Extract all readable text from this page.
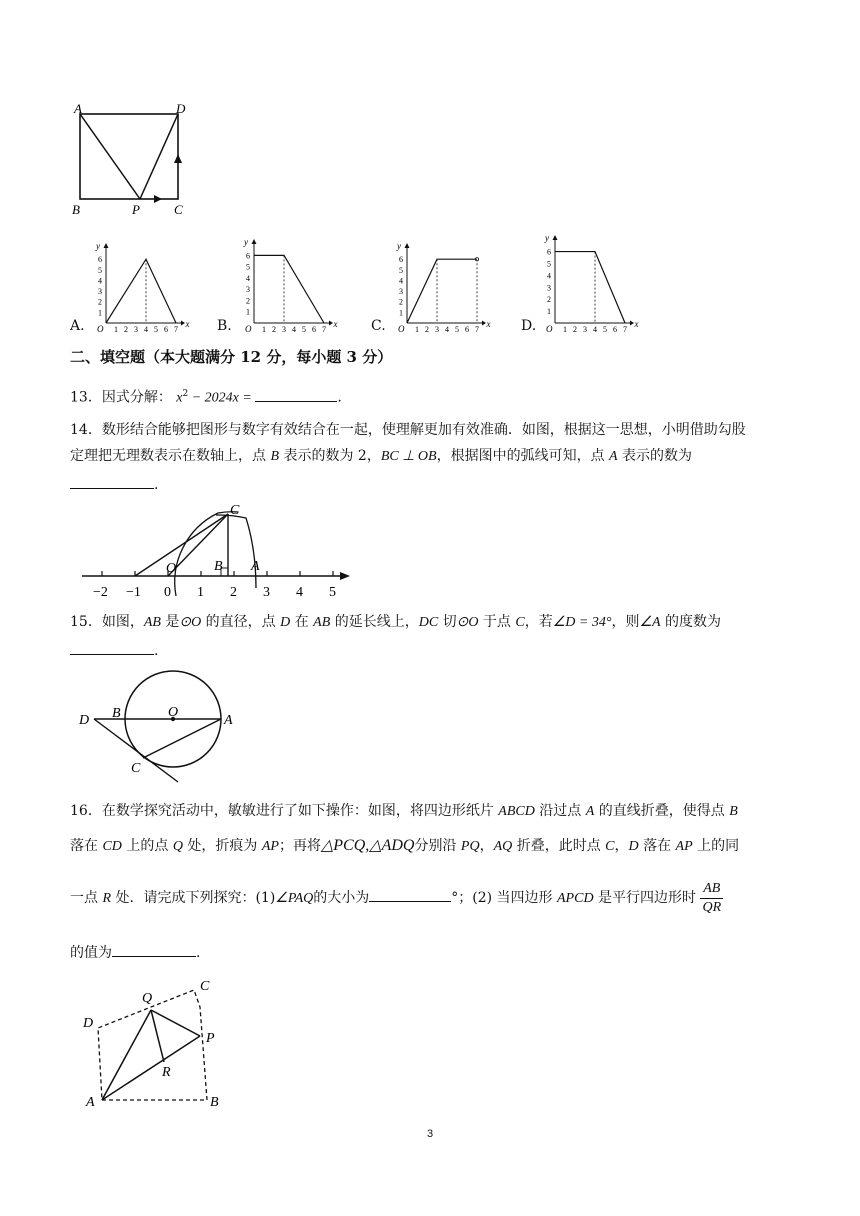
A	D
B	P	C
A.
y
x
O
1
2
3
4
5
6
1 2 3 4 5 6 7	B.
y
x
O
1
2
3
4
5
6
1 2 3 4 5 6 7	C.
y
x
O
1
2
3
4
5
6
1 2 3 4 5 6 7	D.
y
x
O
1
2
3
4
5
6
1 2 3 4 5 6 7
二、填空题（本大题满分 12 分，每小题 3 分）
13．因式分解： $x^2 - 2024x$ =	.
14．数形结合能够把图形与数字有效结合在一起，使理解更加有效准确．如图，根据这一思想，小明借助勾股
定理把无理数表示在数轴上，点 B 表示的数为 2，BC ⊥ OB，根据图中的弧线可知，点 A 表示的数为
.
−2 −1 0 1 2 3 4 5
C
O	B A
15．如图，AB 是⊙O 的直径，点 D 在 AB 的延长线上，DC 切⊙O 于点 C，若∠D = 34°，则∠A 的度数为
.
D B	O
A
C
16．在数学探究活动中，敏敏进行了如下操作：如图，将四边形纸片 ABCD 沿过点 A 的直线折叠，使得点 B
落在 CD 上的点 Q 处，折痕为 AP；再将△PCQ,△ADQ分别沿 PQ，AQ 折叠，此时点 C，D 落在 AP 上的同
一点 R 处．请完成下列探究：(1)∠PAQ的大小为	°；(2) 当四边形 APCD 是平行四边形时 $\frac{AB}{QR}$
的值为	.
Q
C
D
P
R
A	B
3
